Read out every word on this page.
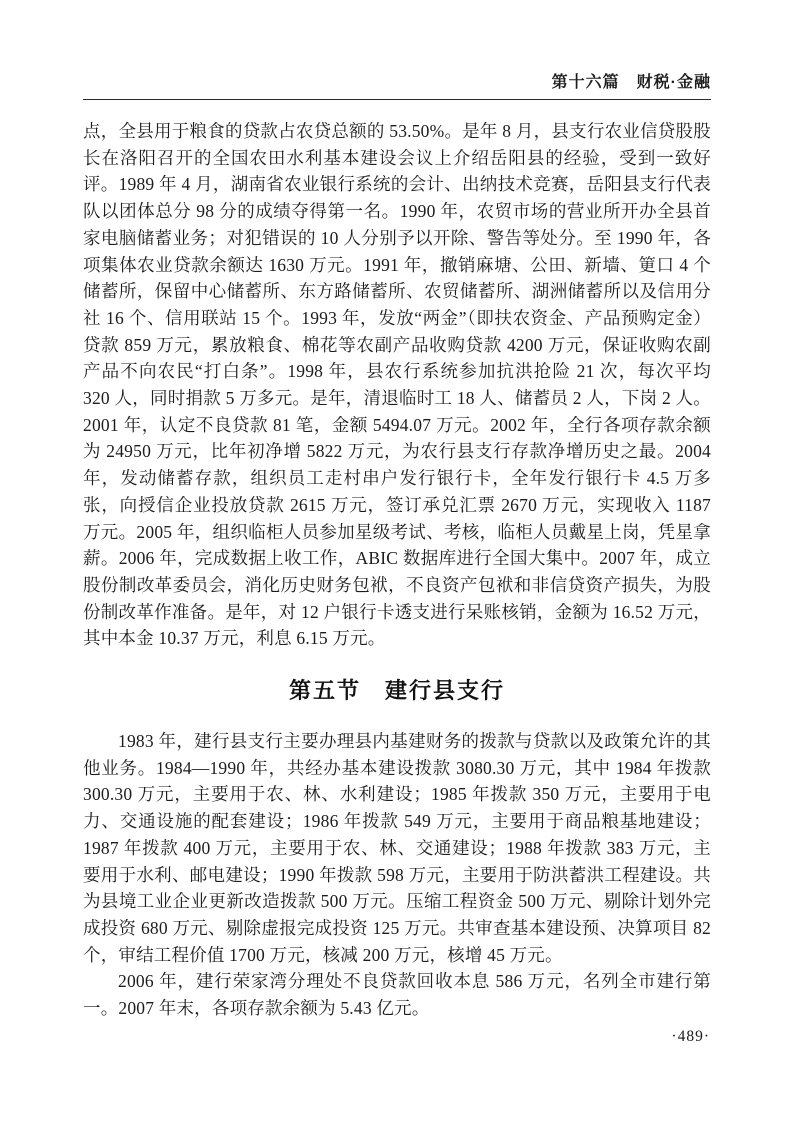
第十六篇　财税·金融

点，全县用于粮食的贷款占农贷总额的 53.50%。是年 8 月，县支行农业信贷股股长在洛阳召开的全国农田水利基本建设会议上介绍岳阳县的经验，受到一致好评。1989 年 4 月，湖南省农业银行系统的会计、出纳技术竞赛，岳阳县支行代表队以团体总分 98 分的成绩夺得第一名。1990 年，农贸市场的营业所开办全县首家电脑储蓄业务；对犯错误的 10 人分别予以开除、警告等处分。至 1990 年，各项集体农业贷款余额达 1630 万元。1991 年，撤销麻塘、公田、新墙、筻口 4 个储蓄所，保留中心储蓄所、东方路储蓄所、农贸储蓄所、湖洲储蓄所以及信用分社 16 个、信用联站 15 个。1993 年，发放“两金”（即扶农资金、产品预购定金）贷款 859 万元，累放粮食、棉花等农副产品收购贷款 4200 万元，保证收购农副产品不向农民“打白条”。1998 年，县农行系统参加抗洪抢险 21 次，每次平均 320 人，同时捐款 5 万多元。是年，清退临时工 18 人、储蓄员 2 人，下岗 2 人。2001 年，认定不良贷款 81 笔，金额 5494.07 万元。2002 年，全行各项存款余额为 24950 万元，比年初净增 5822 万元，为农行县支行存款净增历史之最。2004 年，发动储蓄存款，组织员工走村串户发行银行卡，全年发行银行卡 4.5 万多张，向授信企业投放贷款 2615 万元，签订承兑汇票 2670 万元，实现收入 1187 万元。2005 年，组织临柜人员参加星级考试、考核，临柜人员戴星上岗，凭星拿薪。2006 年，完成数据上收工作，ABIC 数据库进行全国大集中。2007 年，成立股份制改革委员会，消化历史财务包袱，不良资产包袱和非信贷资产损失，为股份制改革作准备。是年，对 12 户银行卡透支进行呆账核销，金额为 16.52 万元，其中本金 10.37 万元，利息 6.15 万元。

第五节　建行县支行

1983 年，建行县支行主要办理县内基建财务的拨款与贷款以及政策允许的其他业务。1984—1990 年，共经办基本建设拨款 3080.30 万元，其中 1984 年拨款 300.30 万元，主要用于农、林、水利建设；1985 年拨款 350 万元，主要用于电力、交通设施的配套建设；1986 年拨款 549 万元，主要用于商品粮基地建设；1987 年拨款 400 万元，主要用于农、林、交通建设；1988 年拨款 383 万元，主要用于水利、邮电建设；1990 年拨款 598 万元，主要用于防洪蓄洪工程建设。共为县境工业企业更新改造拨款 500 万元。压缩工程资金 500 万元、剔除计划外完成投资 680 万元、剔除虚报完成投资 125 万元。共审查基本建设预、决算项目 82 个，审结工程价值 1700 万元，核减 200 万元，核增 45 万元。

2006 年，建行荣家湾分理处不良贷款回收本息 586 万元，名列全市建行第一。2007 年末，各项存款余额为 5.43 亿元。

·489·
